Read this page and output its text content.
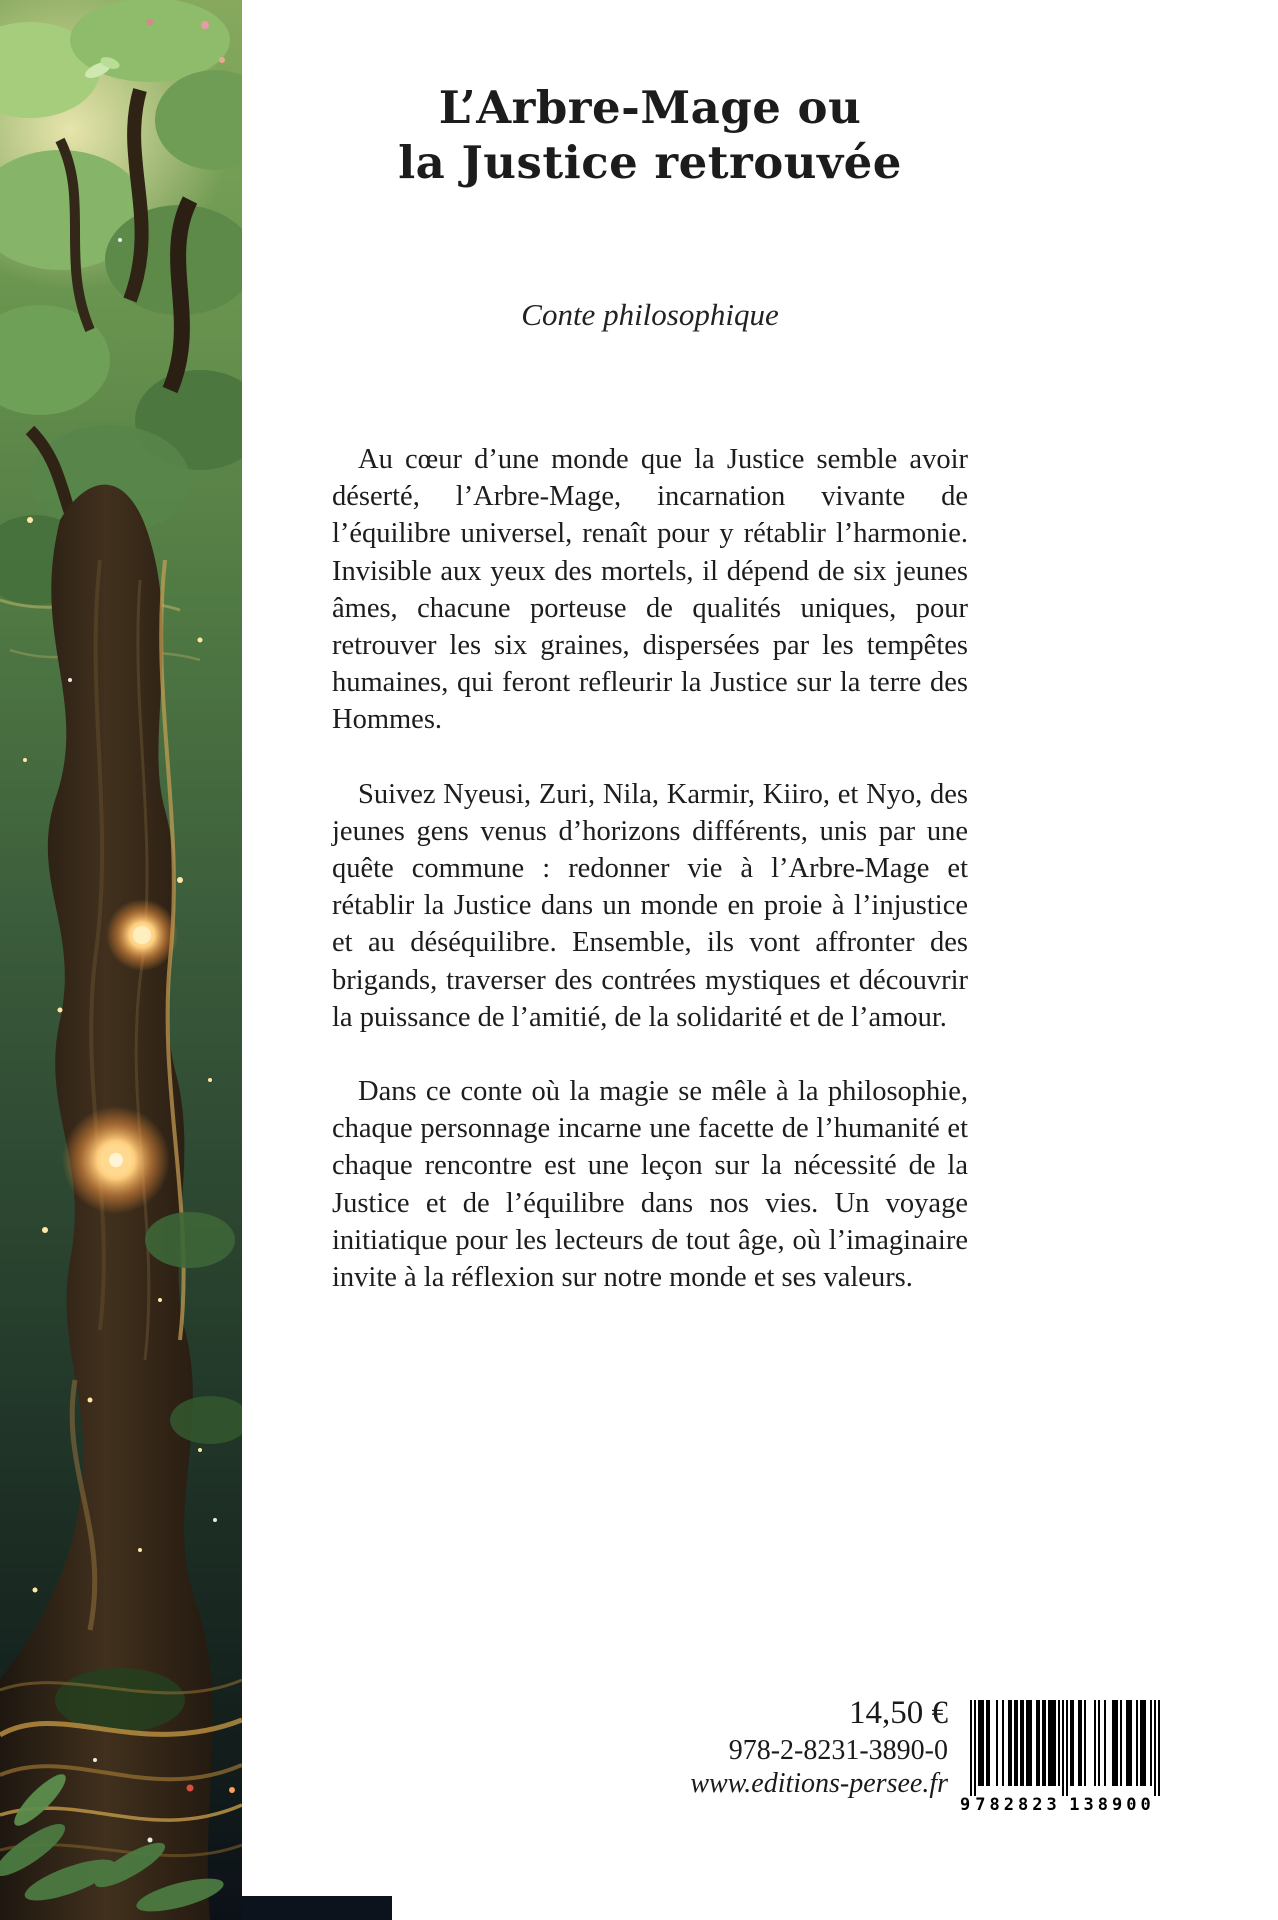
L’Arbre-Mage ou
la Justice retrouvée
Conte philosophique

Au cœur d’une monde que la Justice semble avoir déserté, l’Arbre-Mage, incarnation vivante de l’équilibre universel, renaît pour y rétablir l’harmonie. Invisible aux yeux des mortels, il dépend de six jeunes âmes, chacune porteuse de qualités uniques, pour retrouver les six graines, dispersées par les tempêtes humaines, qui feront refleurir la Justice sur la terre des Hommes.

Suivez Nyeusi, Zuri, Nila, Karmir, Kiiro, et Nyo, des jeunes gens venus d’horizons différents, unis par une quête commune : redonner vie à l’Arbre-Mage et rétablir la Justice dans un monde en proie à l’injustice et au déséquilibre. Ensemble, ils vont affronter des brigands, traverser des contrées mystiques et découvrir la puissance de l’amitié, de la solidarité et de l’amour.

Dans ce conte où la magie se mêle à la philosophie, chaque personnage incarne une facette de l’humanité et chaque rencontre est une leçon sur la nécessité de la Justice et de l’équilibre dans nos vies. Un voyage initiatique pour les lecteurs de tout âge, où l’imaginaire invite à la réflexion sur notre monde et ses valeurs.

14,50 €
978-2-8231-3890-0
www.editions-persee.fr
9 782823 138900
